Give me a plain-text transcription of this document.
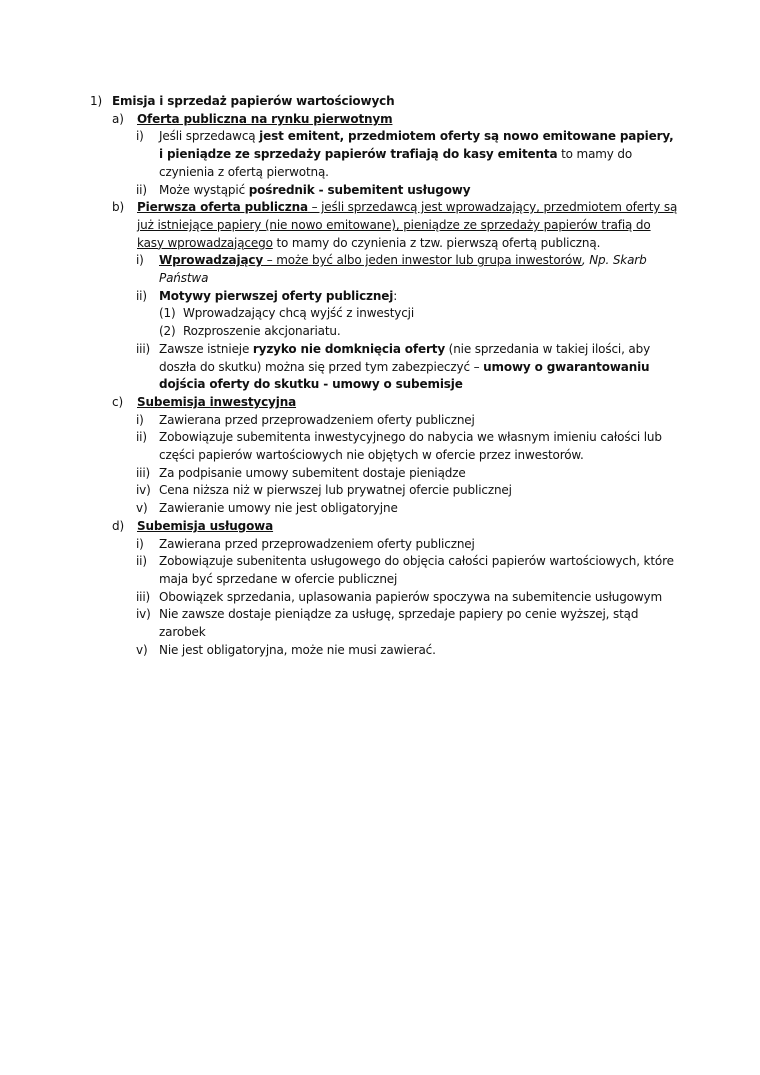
1) Emisja i sprzedaż papierów wartościowych
a) Oferta publiczna na rynku pierwotnym
i) Jeśli sprzedawcą jest emitent, przedmiotem oferty są nowo emitowane papiery, i pieniądze ze sprzedaży papierów trafiają do kasy emitenta to mamy do czynienia z ofertą pierwotną.
ii) Może wystąpić pośrednik - subemitent usługowy
b) Pierwsza oferta publiczna – jeśli sprzedawcą jest wprowadzający, przedmiotem oferty są już istniejące papiery (nie nowo emitowane), pieniądze ze sprzedaży papierów trafią do kasy wprowadzającego to mamy do czynienia z tzw. pierwszą ofertą publiczną.
i) Wprowadzający – może być albo jeden inwestor lub grupa inwestorów, Np. Skarb Państwa
ii) Motywy pierwszej oferty publicznej:
(1) Wprowadzający chcą wyjść z inwestycji
(2) Rozproszenie akcjonariatu.
iii) Zawsze istnieje ryzyko nie domknięcia oferty (nie sprzedania w takiej ilości, aby doszła do skutku) można się przed tym zabezpieczyć – umowy o gwarantowaniu dojścia oferty do skutku - umowy o subemisje
c) Subemisja inwestycyjna
i) Zawierana przed przeprowadzeniem oferty publicznej
ii) Zobowiązuje subemitenta inwestycyjnego do nabycia we własnym imieniu całości lub części papierów wartościowych nie objętych w ofercie przez inwestorów.
iii) Za podpisanie umowy subemitent dostaje pieniądze
iv) Cena niższa niż w pierwszej lub prywatnej ofercie publicznej
v) Zawieranie umowy nie jest obligatoryjne
d) Subemisja usługowa
i) Zawierana przed przeprowadzeniem oferty publicznej
ii) Zobowiązuje subenitenta usługowego do objęcia całości papierów wartościowych, które maja być sprzedane w ofercie publicznej
iii) Obowiązek sprzedania, uplasowania papierów spoczywa na subemitencie usługowym
iv) Nie zawsze dostaje pieniądze za usługę, sprzedaje papiery po cenie wyższej, stąd zarobek
v) Nie jest obligatoryjna, może nie musi zawierać.
